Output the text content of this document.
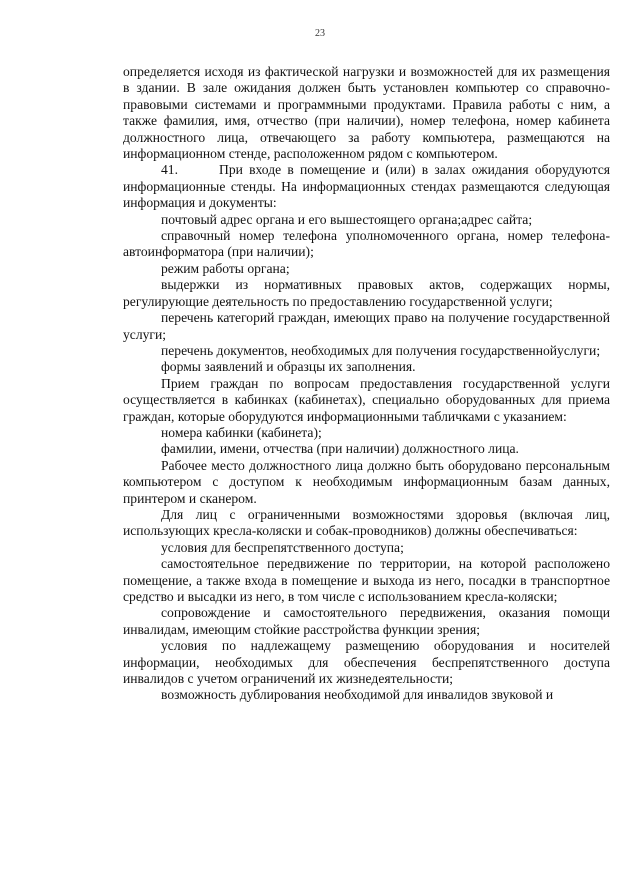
23

определяется исходя из фактической нагрузки и возможностей для их размещения в здании. В зале ожидания должен быть установлен компьютер со справочно-правовыми системами и программными продуктами. Правила работы с ним, а также фамилия, имя, отчество (при наличии), номер телефона, номер кабинета должностного лица, отвечающего за работу компьютера, размещаются на информационном стенде, расположенном рядом с компьютером.

41.	При входе в помещение и (или) в залах ожидания оборудуются информационные стенды. На информационных стендах размещаются следующая информация и документы:

почтовый адрес органа и его вышестоящего органа;адрес сайта;

справочный номер телефона уполномоченного органа, номер телефона-автоинформатора (при наличии);

режим работы органа;

выдержки из нормативных правовых актов, содержащих нормы, регулирующие деятельность по предоставлению государственной услуги;

перечень категорий граждан, имеющих право на получение государственной услуги;

перечень документов, необходимых для получения государственнойуслуги;

формы заявлений и образцы их заполнения.

Прием граждан по вопросам предоставления государственной услуги осуществляется в кабинках (кабинетах), специально оборудованных для приема граждан, которые оборудуются информационными табличками с указанием:

номера кабинки (кабинета);

фамилии, имени, отчества (при наличии) должностного лица.

Рабочее место должностного лица должно быть оборудовано персональным компьютером с доступом к необходимым информационным базам данных, принтером и сканером.

Для лиц с ограниченными возможностями здоровья (включая лиц, использующих кресла-коляски и собак-проводников) должны обеспечиваться:

условия для беспрепятственного доступа;

самостоятельное передвижение по территории, на которой расположено помещение, а также входа в помещение и выхода из него, посадки в транспортное средство и высадки из него, в том числе с использованием кресла-коляски;

сопровождение и самостоятельного передвижения, оказания помощи инвалидам, имеющим стойкие расстройства функции зрения;

условия по надлежащему размещению оборудования и носителей информации, необходимых для обеспечения беспрепятственного доступа инвалидов с учетом ограничений их жизнедеятельности;

возможность дублирования необходимой для инвалидов звуковой и
